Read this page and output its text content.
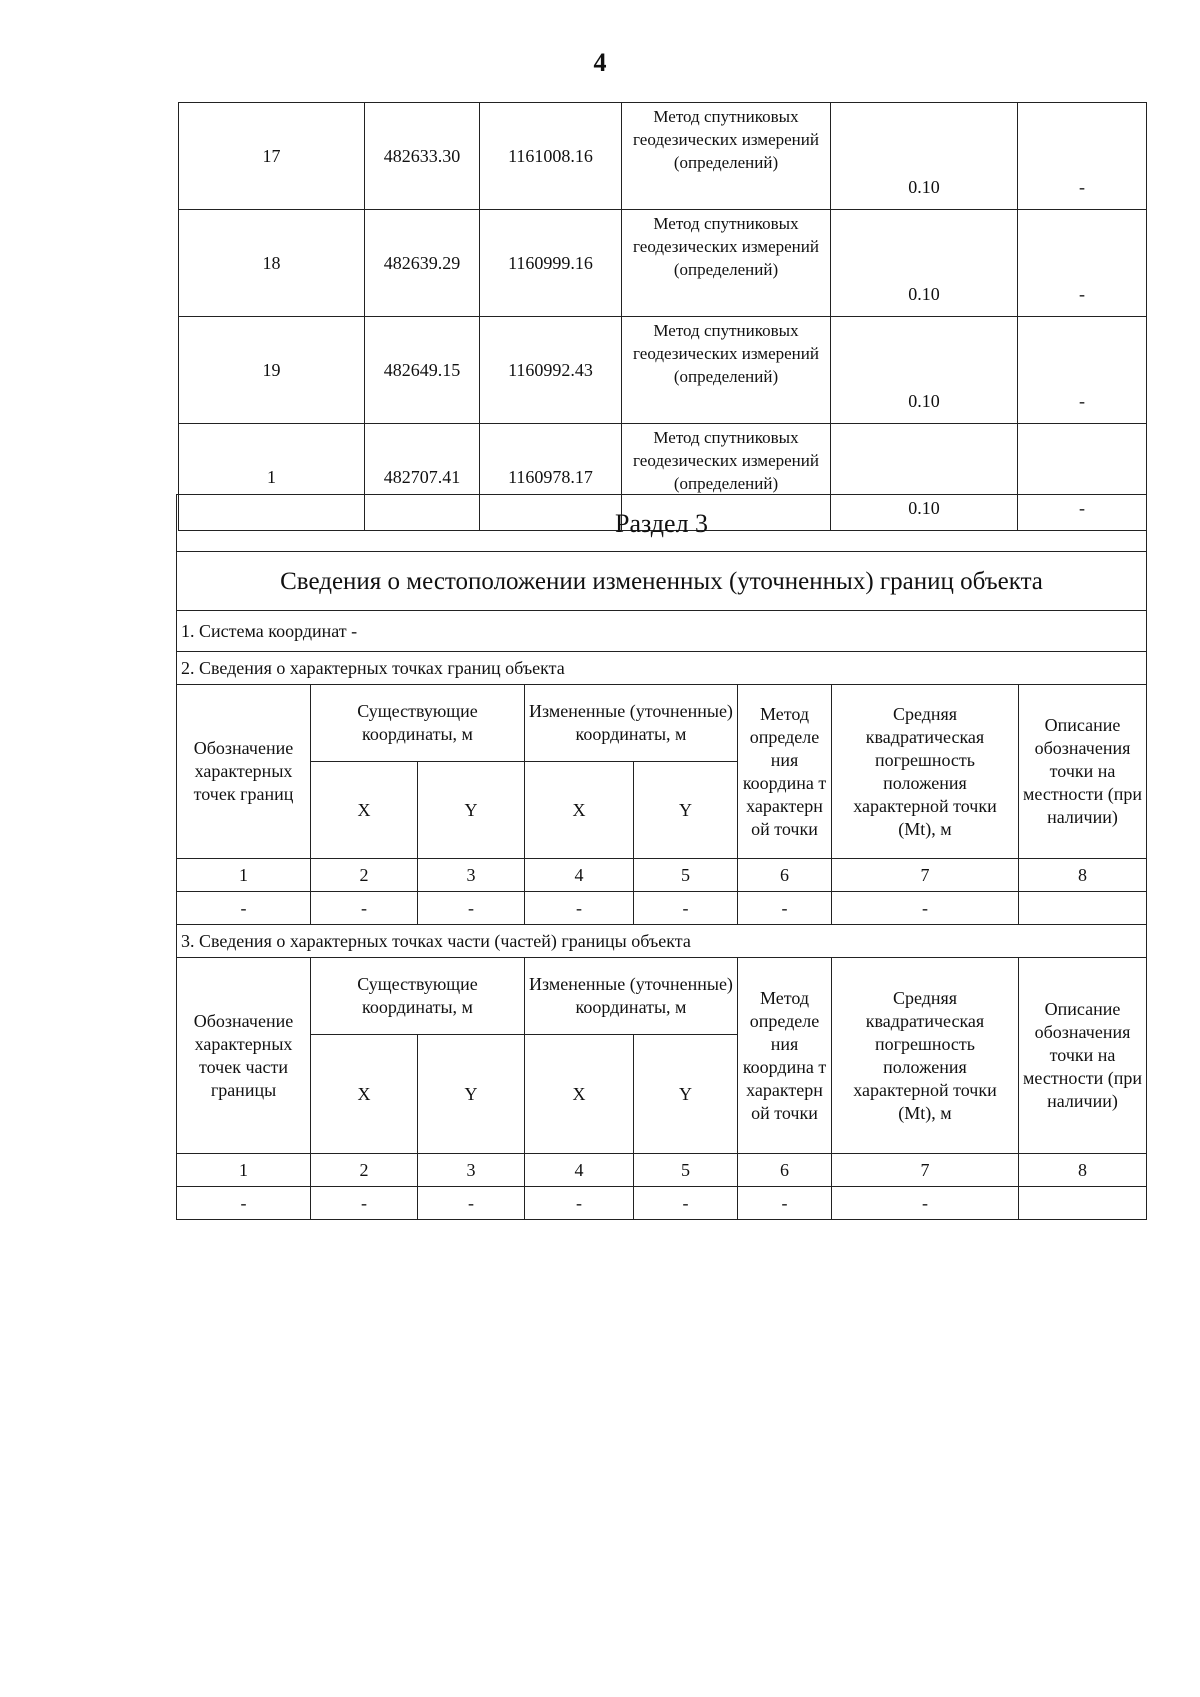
4
17	482633.30	1161008.16	Метод спутниковых геодезических измерений (определений)	0.10	-
18	482639.29	1160999.16	Метод спутниковых геодезических измерений (определений)	0.10	-
19	482649.15	1160992.43	Метод спутниковых геодезических измерений (определений)	0.10	-
1	482707.41	1160978.17	Метод спутниковых геодезических измерений (определений)	0.10	-
Раздел 3							
Сведения о местоположении измененных (уточненных) границ объекта							
1. Система координат -							
2. Сведения о характерных точках границ объекта							
Обозначение характерных точек границ	Существующие координаты, м		Измененные (уточненные) координаты, м		Метод определе ния координа т характерн ой точки	Средняя квадратическая погрешность положения характерной точки (Mt), м	Описание обозначения точки на местности (при наличии)
	X	Y	X	Y			
1	2	3	4	5	6	7	8
-	-	-	-	-	-	-	
3. Сведения о характерных точках части (частей) границы объекта							
Обозначение характерных точек части границы	Существующие координаты, м		Измененные (уточненные) координаты, м		Метод определе ния координа т характерн ой точки	Средняя квадратическая погрешность положения характерной точки (Mt), м	Описание обозначения точки на местности (при наличии)
	X	Y	X	Y			
1	2	3	4	5	6	7	8
-	-	-	-	-	-	-	
